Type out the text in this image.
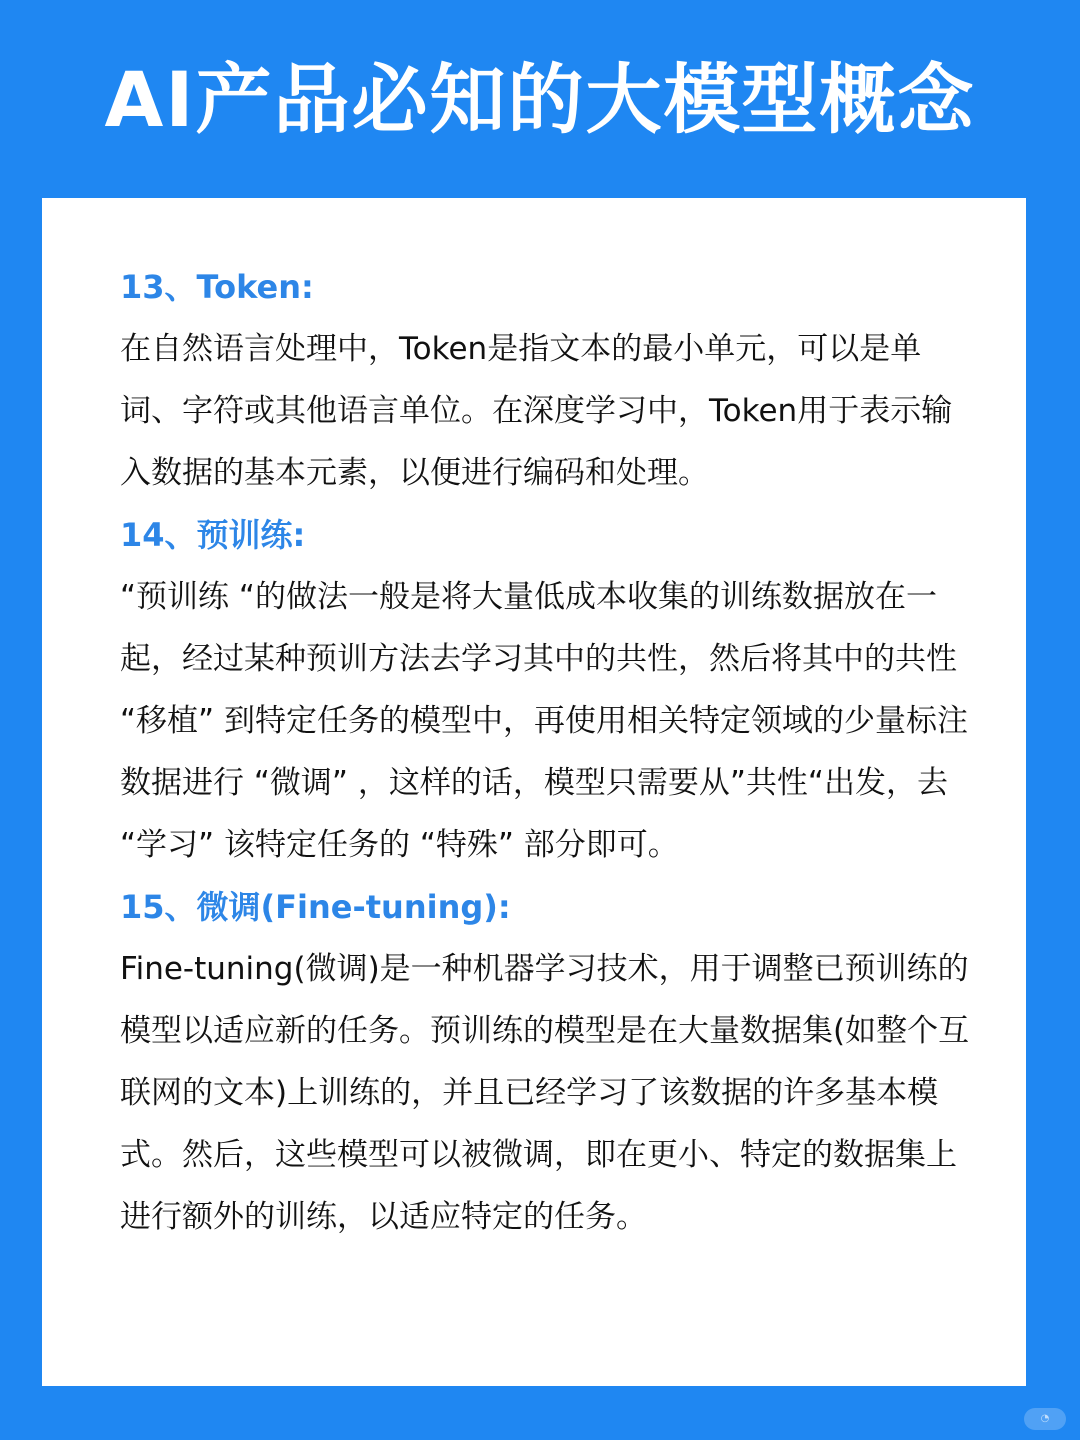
AI产品必知的大模型概念

13、Token:

在自然语言处理中，Token是指文本的最小单元，可以是单词、字符或其他语言单位。在深度学习中，Token用于表示输入数据的基本元素，以便进行编码和处理。

14、预训练:

“预训练 “的做法一般是将大量低成本收集的训练数据放在一起，经过某种预训方法去学习其中的共性，然后将其中的共性 “移植” 到特定任务的模型中，再使用相关特定领域的少量标注数据进行 “微调” ，这样的话，模型只需要从”共性“出发，去 “学习” 该特定任务的 “特殊” 部分即可。

15、微调(Fine-tuning):

Fine-tuning(微调)是一种机器学习技术，用于调整已预训练的模型以适应新的任务。预训练的模型是在大量数据集(如整个互联网的文本)上训练的，并且已经学习了该数据的许多基本模式。然后，这些模型可以被微调，即在更小、特定的数据集上进行额外的训练，以适应特定的任务。

◔
